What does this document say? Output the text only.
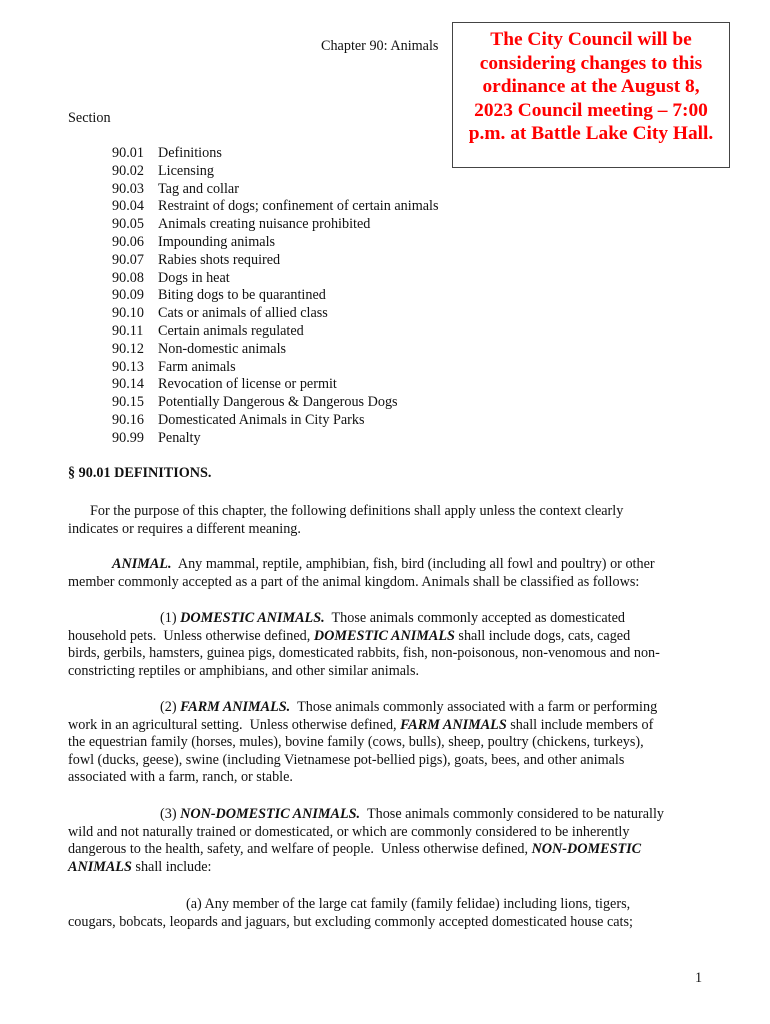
Chapter 90: Animals	The City Council will be
considering changes to this
ordinance at the August 8,
2023 Council meeting – 7:00
p.m. at Battle Lake City Hall.
Section
90.01 Definitions
90.02 Licensing
90.03 Tag and collar
90.04 Restraint of dogs; confinement of certain animals
90.05 Animals creating nuisance prohibited
90.06 Impounding animals
90.07 Rabies shots required
90.08 Dogs in heat
90.09 Biting dogs to be quarantined
90.10 Cats or animals of allied class
90.11 Certain animals regulated
90.12 Non-domestic animals
90.13 Farm animals
90.14 Revocation of license or permit
90.15 Potentially Dangerous & Dangerous Dogs
90.16 Domesticated Animals in City Parks
90.99 Penalty
§ 90.01 DEFINITIONS.
For the purpose of this chapter, the following definitions shall apply unless the context clearly
indicates or requires a different meaning.
ANIMAL.  Any mammal, reptile, amphibian, fish, bird (including all fowl and poultry) or other
member commonly accepted as a part of the animal kingdom. Animals shall be classified as follows:
(1) DOMESTIC ANIMALS.  Those animals commonly accepted as domesticated
household pets.  Unless otherwise defined, DOMESTIC ANIMALS shall include dogs, cats, caged
birds, gerbils, hamsters, guinea pigs, domesticated rabbits, fish, non-poisonous, non-venomous and non-
constricting reptiles or amphibians, and other similar animals.
(2) FARM ANIMALS.  Those animals commonly associated with a farm or performing
work in an agricultural setting.  Unless otherwise defined, FARM ANIMALS shall include members of
the equestrian family (horses, mules), bovine family (cows, bulls), sheep, poultry (chickens, turkeys),
fowl (ducks, geese), swine (including Vietnamese pot-bellied pigs), goats, bees, and other animals
associated with a farm, ranch, or stable.
(3) NON-DOMESTIC ANIMALS.  Those animals commonly considered to be naturally
wild and not naturally trained or domesticated, or which are commonly considered to be inherently
dangerous to the health, safety, and welfare of people.  Unless otherwise defined, NON-DOMESTIC
ANIMALS shall include:
(a) Any member of the large cat family (family felidae) including lions, tigers,
cougars, bobcats, leopards and jaguars, but excluding commonly accepted domesticated house cats;
1
